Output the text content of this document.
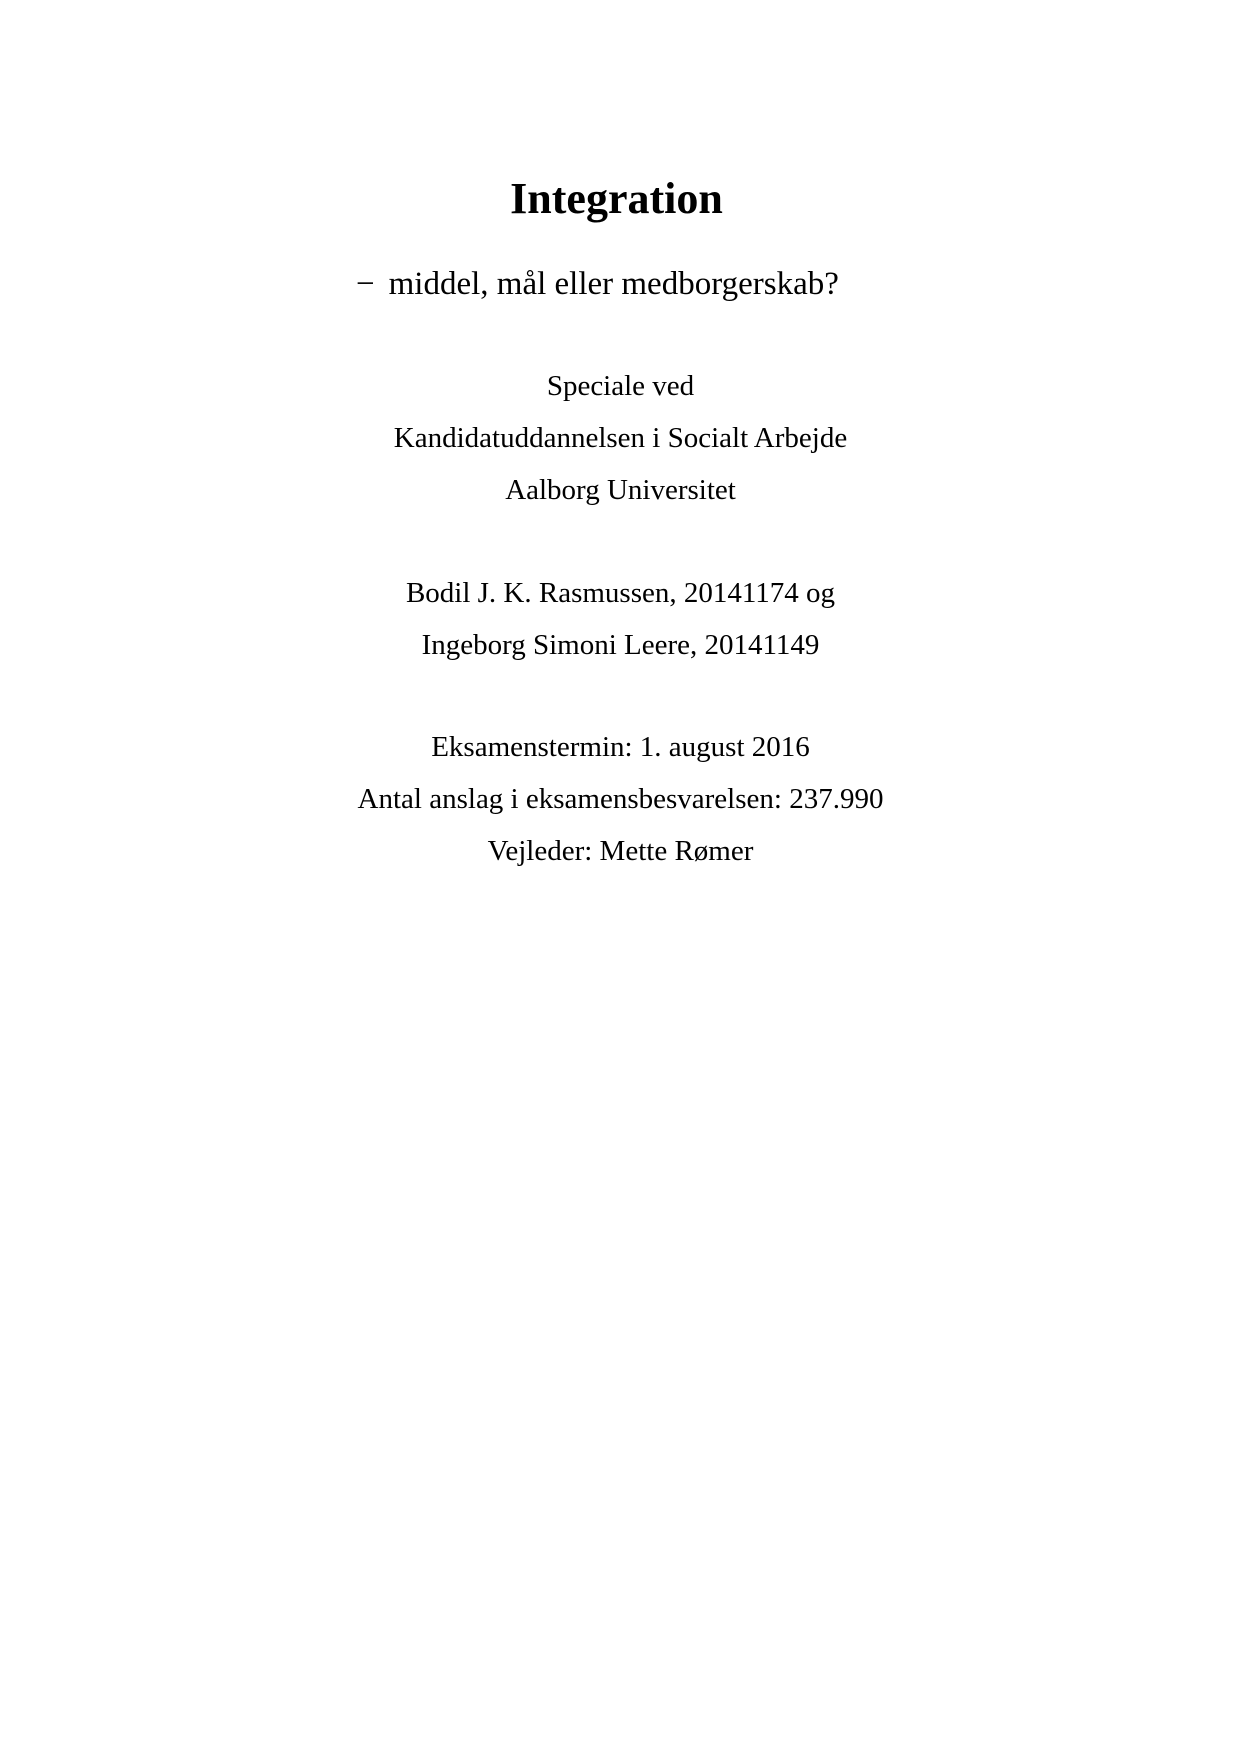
Integration

− middel, mål eller medborgerskab?

Speciale ved

Kandidatuddannelsen i Socialt Arbejde

Aalborg Universitet

Bodil J. K. Rasmussen, 20141174 og

Ingeborg Simoni Leere, 20141149

Eksamenstermin: 1. august 2016

Antal anslag i eksamensbesvarelsen: 237.990

Vejleder: Mette Rømer
